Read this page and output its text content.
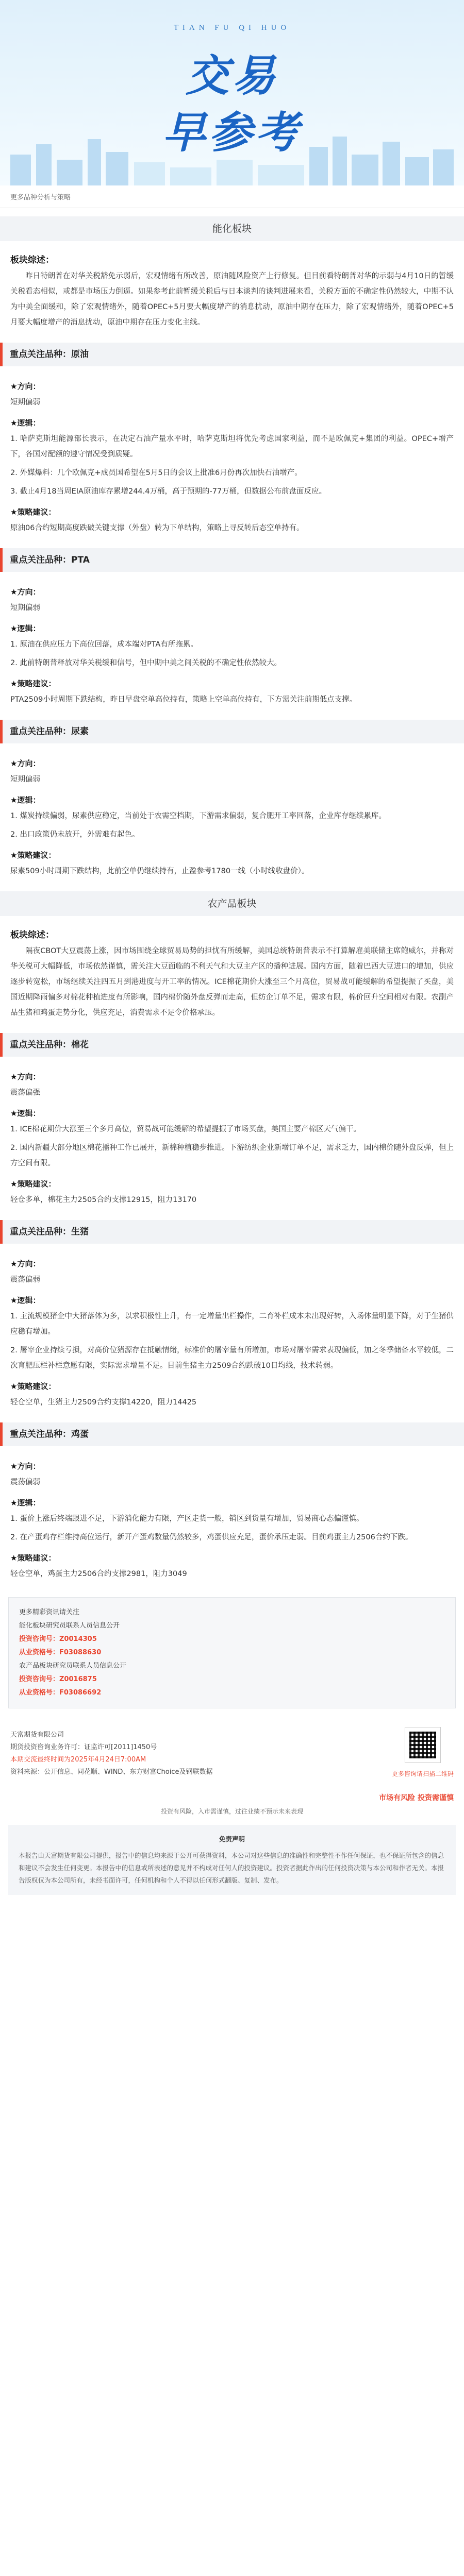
TIAN FU QI HUO
交易
早参考
更多品种分析与策略
能化板块
板块综述：

昨日特朗普在对华关税豁免示弱后，宏观情绪有所改善，原油随风险资产上行修复。但目前看特朗普对华的示弱与4月10日的暂缓关税看态相似，或都是市场压力倒逼。如果参考此前暂缓关税后与日本谈判的谈判进展来看，关税方面的不确定性仍然较大，中期不认为中美全面缓和，除了宏观情绪外，随着OPEC+5月要大幅度增产的消息扰动，原油中期存在压力，除了宏观情绪外，随着OPEC+5月要大幅度增产的消息扰动，原油中期存在压力变化主线。

重点关注品种：原油
★方向：

短期偏弱

★逻辑：

1. 哈萨克斯坦能源部长表示，在决定石油产量水平时，哈萨克斯坦将优先考虑国家利益，而不是欧佩克+集团的利益。OPEC+增产下，各国对配额的遵守情况受到质疑。

2. 外媒爆料：几个欧佩克+成员国希望在5月5日的会议上批准6月份再次加快石油增产。

3. 截止4月18当周EIA原油库存累增244.4万桶，高于预期的-77万桶，但数据公布前盘面反应。

★策略建议：

原油06合约短期高度跌破关键支撑（外盘）转为下单结构，策略上寻反转后态空单持有。

重点关注品种：PTA
★方向：

短期偏弱

★逻辑：

1. 原油在供应压力下高位回落，成本端对PTA有所拖累。

2. 此前特朗普释放对华关税缓和信号，但中期中美之间关税的不确定性依然较大。

★策略建议：

PTA2509小时周期下跌结构，昨日早盘空单高位持有，策略上空单高位持有，下方需关注前期低点支撑。

重点关注品种：尿素
★方向：

短期偏弱

★逻辑：

1. 煤炭持续偏弱，尿素供应稳定，当前处于农需空档期，下游需求偏弱，复合肥开工率回落，企业库存继续累库。

2. 出口政策仍未放开，外需难有起色。

★策略建议：

尿素509小时周期下跌结构，此前空单仍继续持有，止盈参考1780一线（小时线收盘价）。

农产品板块
板块综述：

隔夜CBOT大豆震荡上涨，因市场围绕全球贸易局势的担忧有所缓解，美国总统特朗普表示不打算解雇美联储主席鲍威尔，并称对华关税可大幅降低，市场依然谨慎，需关注大豆面临的不利天气和大豆主产区的播种进展。国内方面，随着巴西大豆进口的增加，供应逐步转宽松，市场继续关注四五月到港进度与开工率的情况。ICE棉花期价大涨至三个月高位，贸易战可能缓解的希望提振了买盘，美国近期降雨偏多对棉花种植进度有所影响，国内棉价随外盘反弹而走高，但纺企订单不足，需求有限，棉价回升空间相对有限。农副产品生猪和鸡蛋走势分化，供应充足，消费需求不足令价格承压。

重点关注品种：棉花
★方向：

震荡偏强

★逻辑：

1. ICE棉花期价大涨至三个多月高位，贸易战可能缓解的希望提振了市场买盘，美国主要产棉区天气偏干。

2. 国内新疆大部分地区棉花播种工作已展开，新棉种植稳步推进。下游纺织企业新增订单不足，需求乏力，国内棉价随外盘反弹，但上方空间有限。

★策略建议：

轻仓多单，棉花主力2505合约支撑12915，阻力13170

重点关注品种：生猪
★方向：

震荡偏弱

★逻辑：

1. 主流规模猪企中大猪落体为多，以求积极性上升，有一定增量出栏操作，二育补栏成本未出现好转，入场体量明显下降，对于生猪供应稳有增加。

2. 屠宰企业持续亏损，对高价位猪源存在抵触情绪，标准价的屠宰量有所增加，市场对屠宰需求表现偏低，加之冬季储备水平较低，二次育肥压栏补栏意愿有限，实际需求增量不足。目前生猪主力2509合约跌破10日均线，技术转弱。

★策略建议：

轻仓空单，生猪主力2509合约支撑14220，阻力14425

重点关注品种：鸡蛋
★方向：

震荡偏弱

★逻辑：

1. 蛋价上涨后终端跟进不足，下游消化能力有限，产区走货一般，销区到货量有增加，贸易商心态偏谨慎。

2. 在产蛋鸡存栏维持高位运行，新开产蛋鸡数量仍然较多，鸡蛋供应充足，蛋价承压走弱。目前鸡蛋主力2506合约下跌。

★策略建议：

轻仓空单，鸡蛋主力2506合约支撑2981，阻力3049

更多精彩资讯请关注
能化板块研究员联系人员信息公开
投资咨询号：Z0014305
从业资格号：F03088630
农产品板块研究员联系人员信息公开
投资咨询号：Z0016875
从业资格号：F03086692
天富期货有限公司
期货投资咨询业务许可：证监许可[2011]1450号
本期交流最终时间为2025年4月24日7:00AM
资料来源：公开信息、同花顺、WIND、东方财富Choice及钢联数据	更多咨询请扫描二维码
市场有风险 投资需谨慎
投资有风险，入市需谨慎，过往业绩不预示未来表现
免责声明
本报告由天富期货有限公司提供，报告中的信息均来源于公开可获得资料，本公司对这些信息的准确性和完整性不作任何保证，也不保证所包含的信息和建议不会发生任何变更。本报告中的信息或所表述的意见并不构成对任何人的投资建议。投资者据此作出的任何投资决策与本公司和作者无关。本报告版权仅为本公司所有，未经书面许可，任何机构和个人不得以任何形式翻版、复制、发布。
